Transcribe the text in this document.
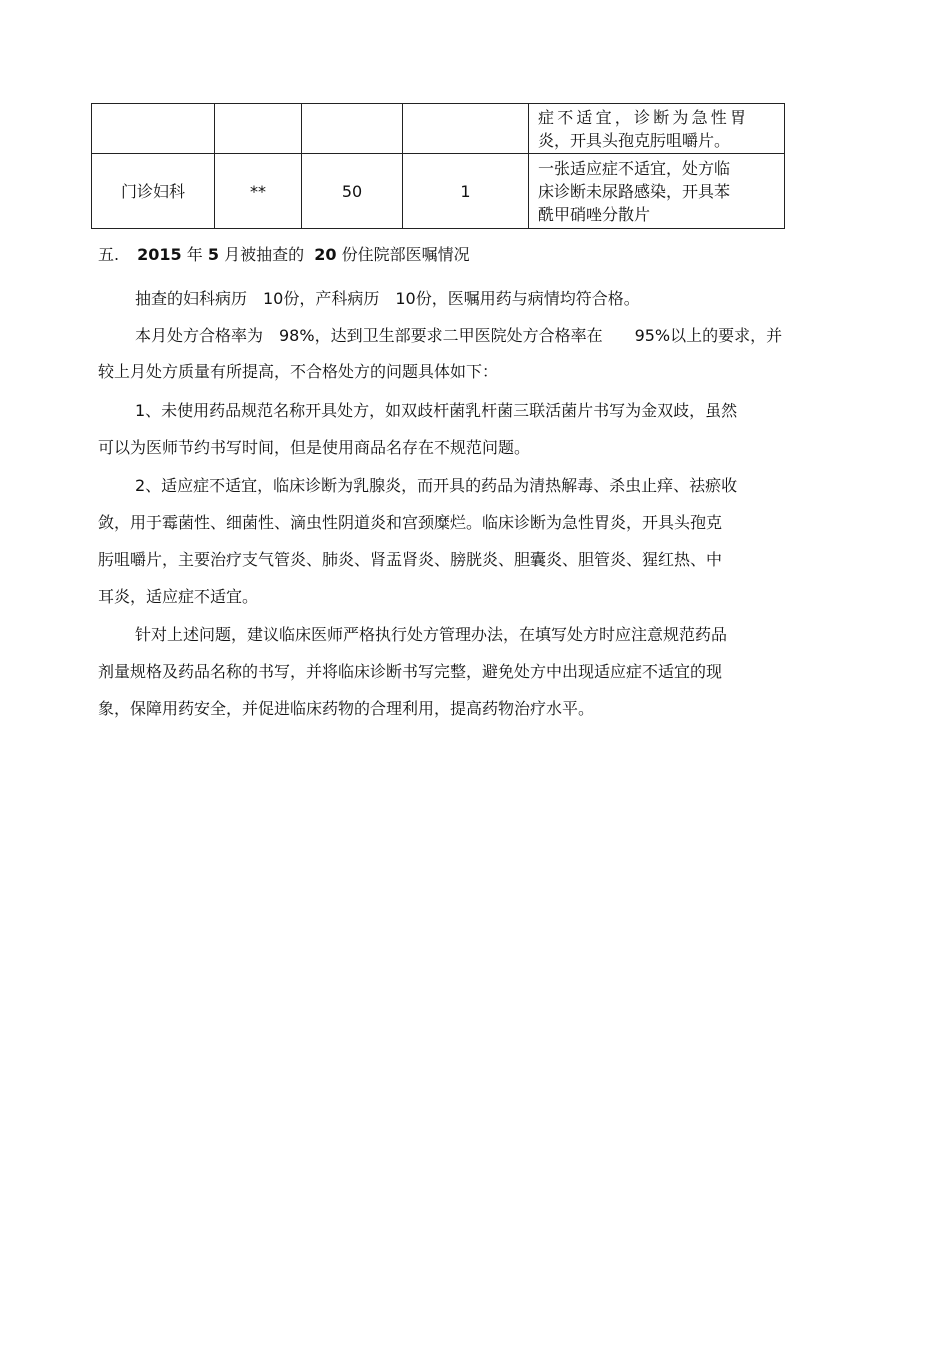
				症不适宜，诊断为急性胃
炎，开具头孢克肟咀嚼片。

门诊妇科	**	50	1	一张适应症不适宜，处方临
床诊断未尿路感染，开具苯
酰甲硝唑分散片
五. 2015 年 5 月被抽查的 20 份住院部医嘱情况
抽查的妇科病历　10份，产科病历　10份，医嘱用药与病情均符合格。
本月处方合格率为　98%，达到卫生部要求二甲医院处方合格率在　　95%以上的要求，并
较上月处方质量有所提高，不合格处方的问题具体如下：
1、未使用药品规范名称开具处方，如双歧杆菌乳杆菌三联活菌片书写为金双歧，虽然
可以为医师节约书写时间，但是使用商品名存在不规范问题。
2、适应症不适宜，临床诊断为乳腺炎，而开具的药品为清热解毒、杀虫止痒、祛瘀收
敛，用于霉菌性、细菌性、滴虫性阴道炎和宫颈糜烂。临床诊断为急性胃炎，开具头孢克
肟咀嚼片，主要治疗支气管炎、肺炎、肾盂肾炎、膀胱炎、胆囊炎、胆管炎、猩红热、中
耳炎，适应症不适宜。
针对上述问题，建议临床医师严格执行处方管理办法，在填写处方时应注意规范药品
剂量规格及药品名称的书写，并将临床诊断书写完整，避免处方中出现适应症不适宜的现
象，保障用药安全，并促进临床药物的合理利用，提高药物治疗水平。
